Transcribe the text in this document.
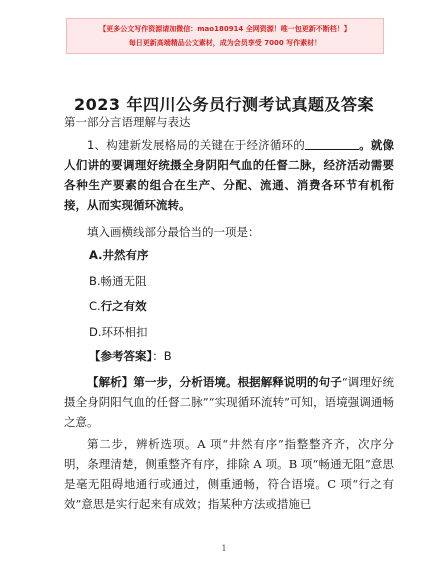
【更多公文写作资源请加微信：mao180914 全网资源！唯一包更新不断档！】
每日更新高端精品公文素材，成为会员享受 7000 写作素材！
2023 年四川公务员行测考试真题及答案
第一部分言语理解与表达
1、构建新发展格局的关键在于经济循环的	。就像人们讲的要调理好统摄全身阴阳气血的任督二脉，经济活动需要各种生产要素的组合在生产、分配、流通、消费各环节有机衔接，从而实现循环流转。
填入画横线部分最恰当的一项是：
A.井然有序
B.畅通无阻
C.行之有效
D.环环相扣
【参考答案】：B
【解析】第一步，分析语境。根据解释说明的句子“调理好统摄全身阴阳气血的任督二脉”“实现循环流转”可知，语境强调通畅之意。
第二步，辨析选项。A 项“井然有序”指整整齐齐，次序分明，条理清楚，侧重整齐有序，排除 A 项。B 项“畅通无阻”意思是毫无阻碍地通行或通过，侧重通畅，符合语境。C 项“行之有效”意思是实行起来有成效；指某种方法或措施已
1
